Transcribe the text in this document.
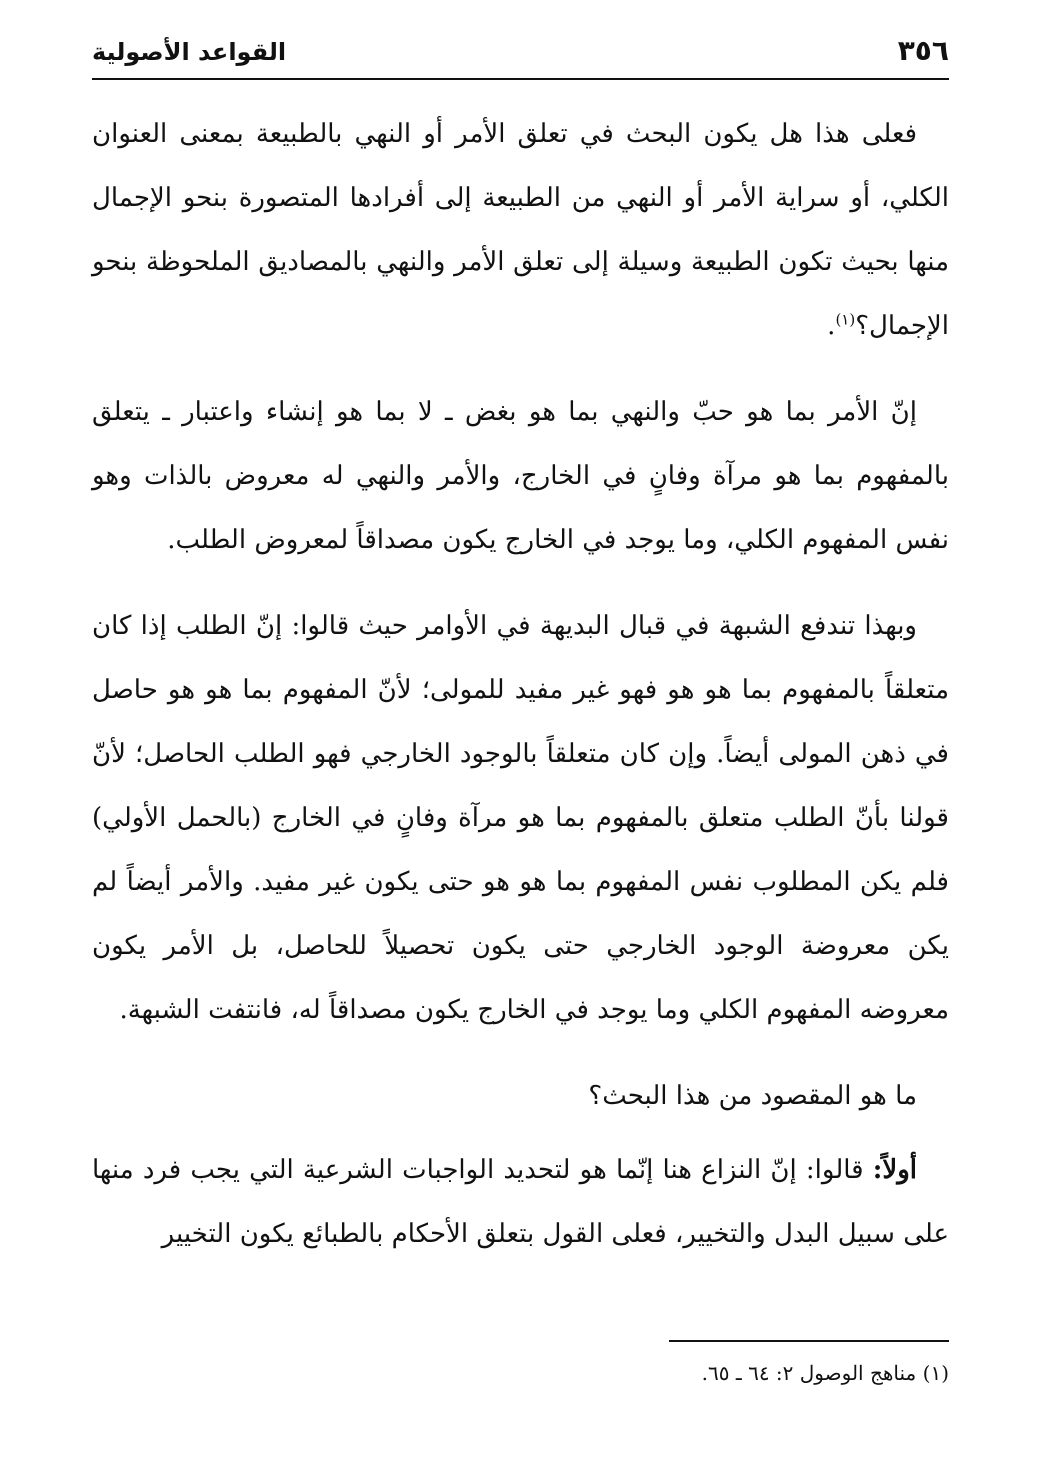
٣٥٦
القواعد الأصولية

فعلى هذا هل يكون البحث في تعلق الأمر أو النهي بالطبيعة بمعنى العنوان الكلي، أو سراية الأمر أو النهي من الطبيعة إلى أفرادها المتصورة بنحو الإجمال منها بحيث تكون الطبيعة وسيلة إلى تعلق الأمر والنهي بالمصاديق الملحوظة بنحو الإجمال؟$^{(١)}$.

إنّ الأمر بما هو حبّ والنهي بما هو بغض ـ لا بما هو إنشاء واعتبار ـ يتعلق بالمفهوم بما هو مرآة وفانٍ في الخارج، والأمر والنهي له معروض بالذات وهو نفس المفهوم الكلي، وما يوجد في الخارج يكون مصداقاً لمعروض الطلب.

وبهذا تندفع الشبهة في قبال البديهة في الأوامر حيث قالوا: إنّ الطلب إذا كان متعلقاً بالمفهوم بما هو هو فهو غير مفيد للمولى؛ لأنّ المفهوم بما هو هو حاصل في ذهن المولى أيضاً. وإن كان متعلقاً بالوجود الخارجي فهو الطلب الحاصل؛ لأنّ قولنا بأنّ الطلب متعلق بالمفهوم بما هو مرآة وفانٍ في الخارج (بالحمل الأولي) فلم يكن المطلوب نفس المفهوم بما هو هو حتى يكون غير مفيد. والأمر أيضاً لم يكن معروضة الوجود الخارجي حتى يكون تحصيلاً للحاصل، بل الأمر يكون معروضه المفهوم الكلي وما يوجد في الخارج يكون مصداقاً له، فانتفت الشبهة.

ما هو المقصود من هذا البحث؟

أولاً: قالوا: إنّ النزاع هنا إنّما هو لتحديد الواجبات الشرعية التي يجب فرد منها على سبيل البدل والتخيير، فعلى القول بتعلق الأحكام بالطبائع يكون التخيير

(١) مناهج الوصول ٢: ٦٤ ـ ٦٥.
